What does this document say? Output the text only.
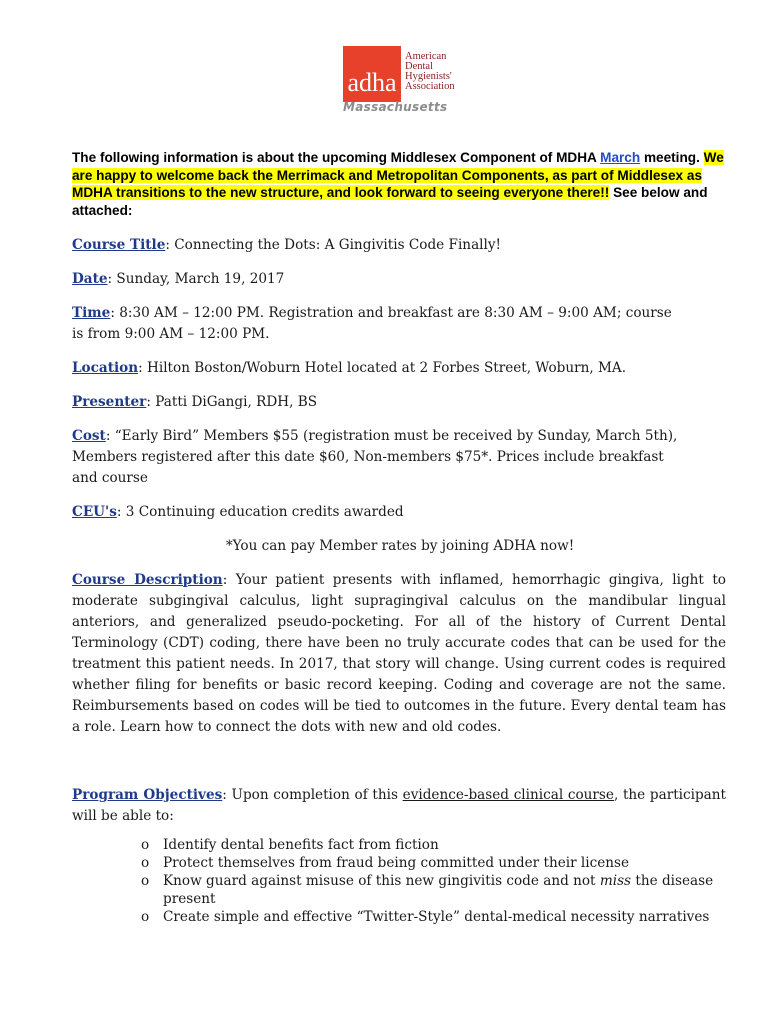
adha
American
Dental
Hygienists'
Association
Massachusetts
The following information is about the upcoming Middlesex Component of MDHA March meeting. We are happy to welcome back the Merrimack and Metropolitan Components, as part of Middlesex as MDHA transitions to the new structure, and look forward to seeing everyone there!! See below and attached:
Course Title: Connecting the Dots: A Gingivitis Code Finally!
Date: Sunday, March 19, 2017
Time: 8:30 AM – 12:00 PM. Registration and breakfast are 8:30 AM – 9:00 AM; course
is from 9:00 AM – 12:00 PM.
Location: Hilton Boston/Woburn Hotel located at 2 Forbes Street, Woburn, MA.
Presenter: Patti DiGangi, RDH, BS
Cost: “Early Bird” Members $55 (registration must be received by Sunday, March 5th),
Members registered after this date $60, Non-members $75*. Prices include breakfast
and course
CEU's: 3 Continuing education credits awarded
*You can pay Member rates by joining ADHA now!
Course Description: Your patient presents with inflamed, hemorrhagic gingiva, light to moderate subgingival calculus, light supragingival calculus on the mandibular lingual anteriors, and generalized pseudo-pocketing. For all of the history of Current Dental Terminology (CDT) coding, there have been no truly accurate codes that can be used for the treatment this patient needs. In 2017, that story will change. Using current codes is required whether filing for benefits or basic record keeping. Coding and coverage are not the same. Reimbursements based on codes will be tied to outcomes in the future. Every dental team has a role. Learn how to connect the dots with new and old codes.
Program Objectives: Upon completion of this evidence-based clinical course, the participant will be able to:
o Identify dental benefits fact from fiction
o Protect themselves from fraud being committed under their license
o Know guard against misuse of this new gingivitis code and not miss the disease present
o Create simple and effective “Twitter-Style” dental-medical necessity narratives
